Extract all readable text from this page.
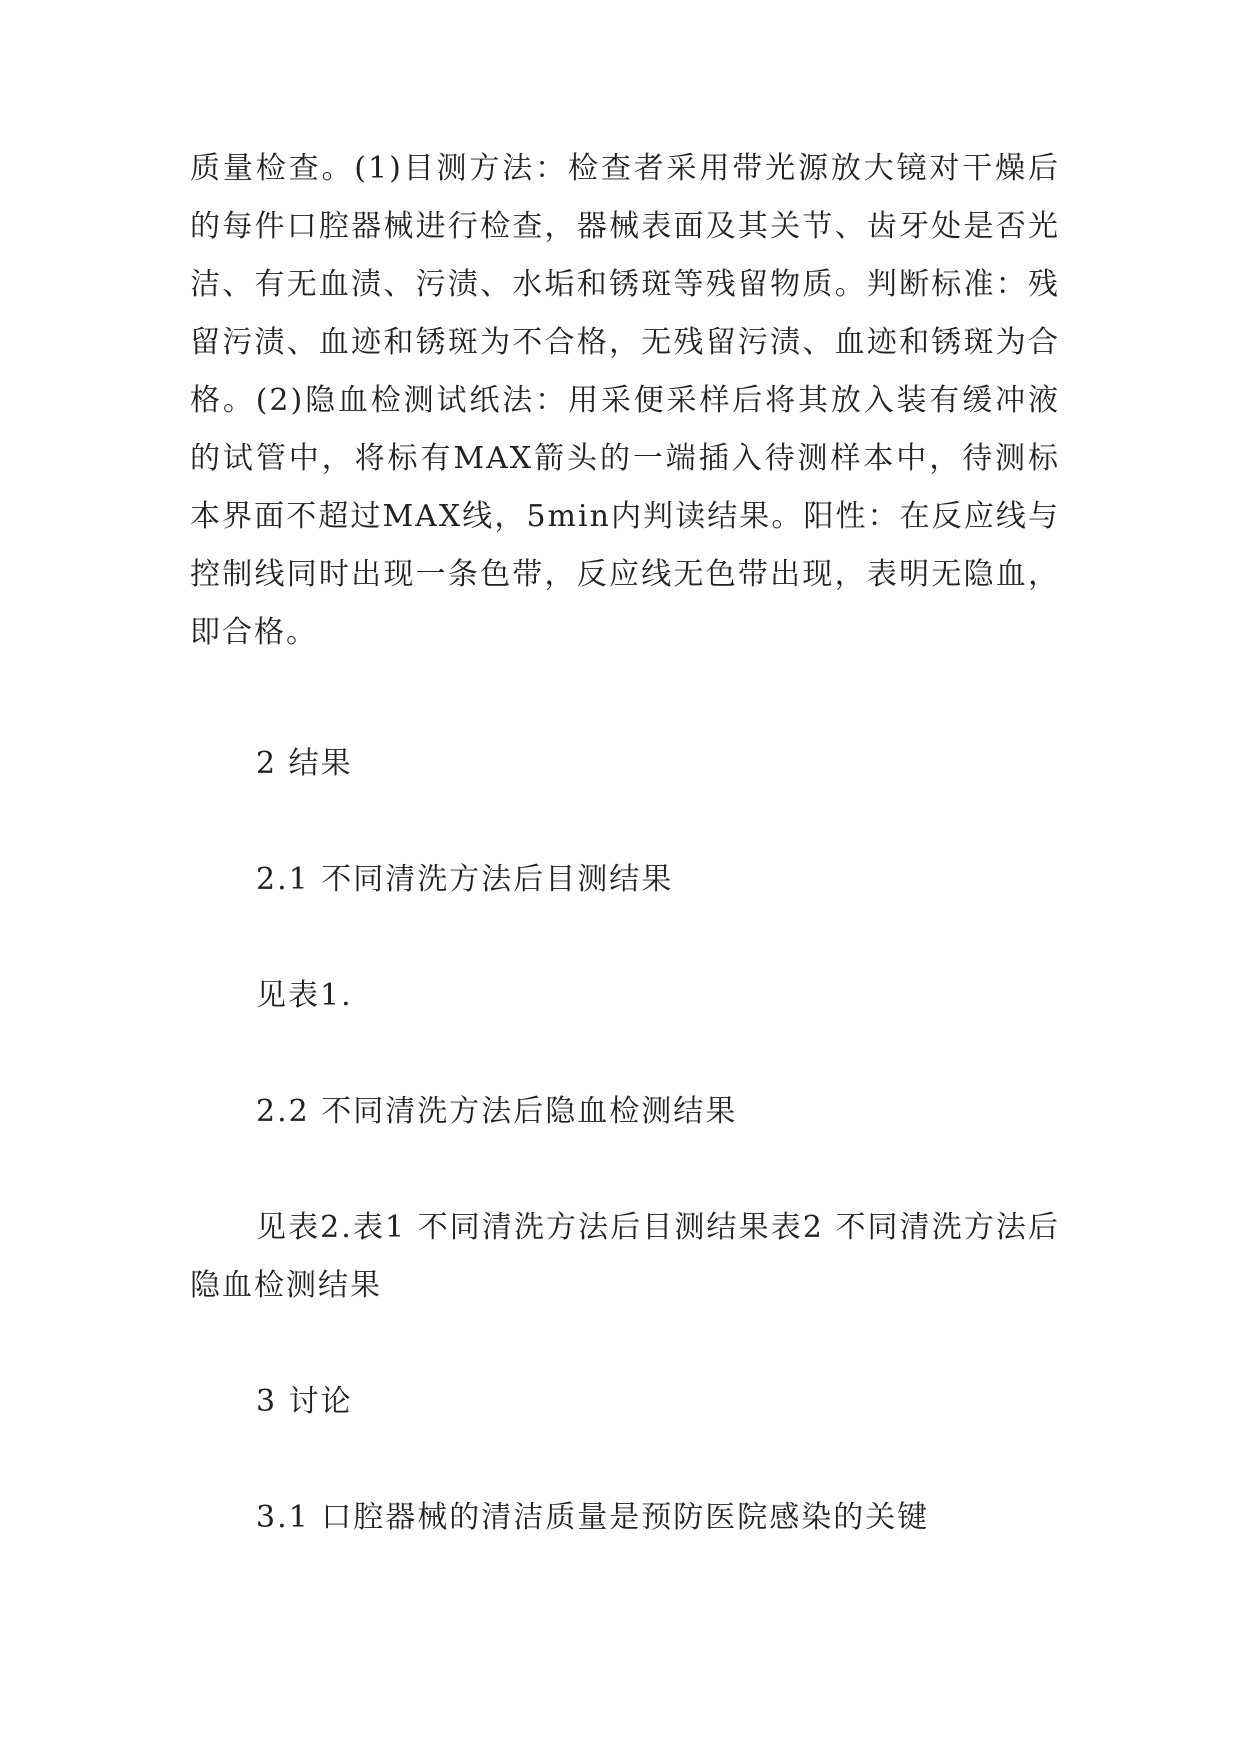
质量检查。(1)目测方法：检查者采用带光源放大镜对干燥后的每件口腔器械进行检查，器械表面及其关节、齿牙处是否光洁、有无血渍、污渍、水垢和锈斑等残留物质。判断标准：残留污渍、血迹和锈斑为不合格，无残留污渍、血迹和锈斑为合格。(2)隐血检测试纸法：用采便采样后将其放入装有缓冲液的试管中，将标有MAX箭头的一端插入待测样本中，待测标本界面不超过MAX线，5min内判读结果。阳性：在反应线与控制线同时出现一条色带，反应线无色带出现，表明无隐血，即合格。

2 结果

2.1 不同清洗方法后目测结果

见表1.

2.2 不同清洗方法后隐血检测结果

见表2.表1 不同清洗方法后目测结果表2 不同清洗方法后隐血检测结果

3 讨论

3.1 口腔器械的清洁质量是预防医院感染的关键
